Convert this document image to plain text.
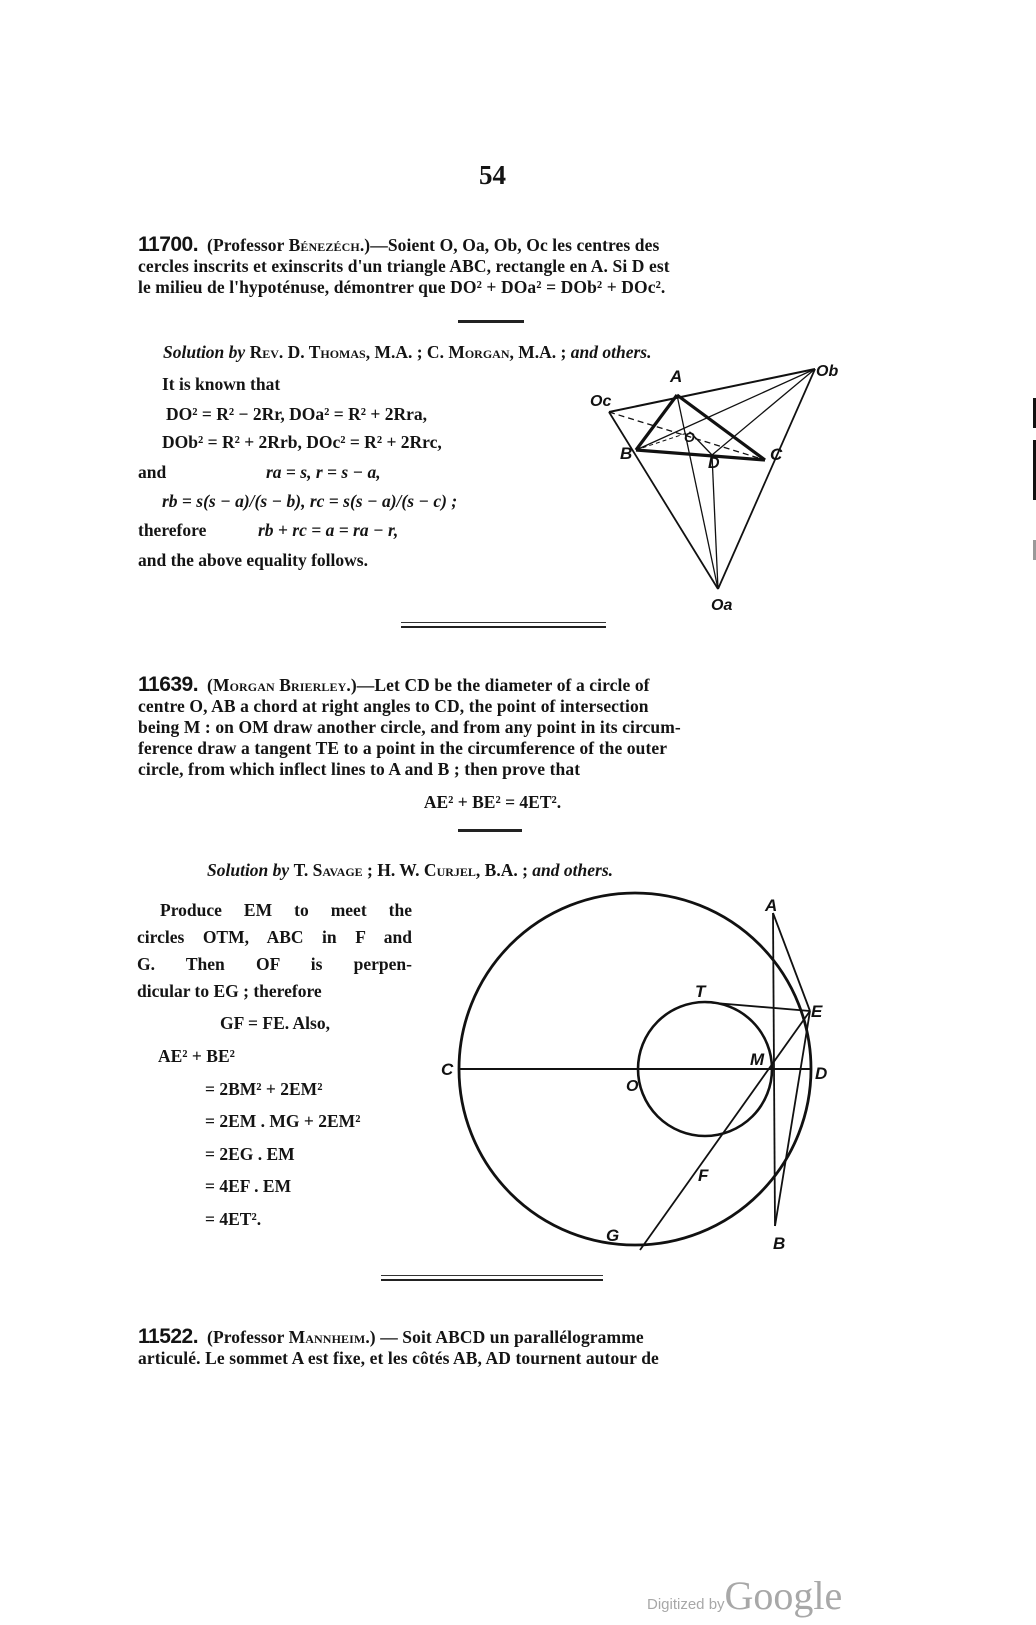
54

11700. (Professor Bénezéch.)—Soient O, Oa, Ob, Oc les centres des

cercles inscrits et exinscrits d'un triangle ABC, rectangle en A. Si D est

le milieu de l'hypoténuse, démontrer que DO² + DOa² = DOb² + DOc².

Solution by Rev. D. Thomas, M.A. ; C. Morgan, M.A. ; and others.
It is known that
DO² = R² − 2Rr, DOa² = R² + 2Rra,
DOb² = R² + 2Rrb, DOc² = R² + 2Rrc,
and	ra = s, r = s − a,
rb = s(s − a)/(s − b), rc = s(s − a)/(s − c) ;
therefore	rb + rc = a = ra − r,
and the above equality follows.
A
B	C
D
O
Oc
Ob
Oa

11639. (Morgan Brierley.)—Let CD be the diameter of a circle of

centre O, AB a chord at right angles to CD, the point of intersection

being M : on OM draw another circle, and from any point in its circum-

ference draw a tangent TE to a point in the circumference of the outer

circle, from which inflect lines to A and B ; then prove that

AE² + BE² = 4ET².
Solution by T. Savage ; H. W. Curjel, B.A. ; and others.
Produce EM to meet the
circles OTM, ABC in F and
G.  Then  OF  is  perpen-
dicular to EG ; therefore
GF = FE. Also,
AE² + BE²
= 2BM² + 2EM²
= 2EM . MG + 2EM²
= 2EG . EM
= 4EF . EM
= 4ET².
A
B
C	D
E
F
G
M
O
T

11522. (Professor Mannheim.) — Soit ABCD un parallélogramme

articulé. Le sommet A est fixe, et les côtés AB, AD tournent autour de

Digitized byGoogle
